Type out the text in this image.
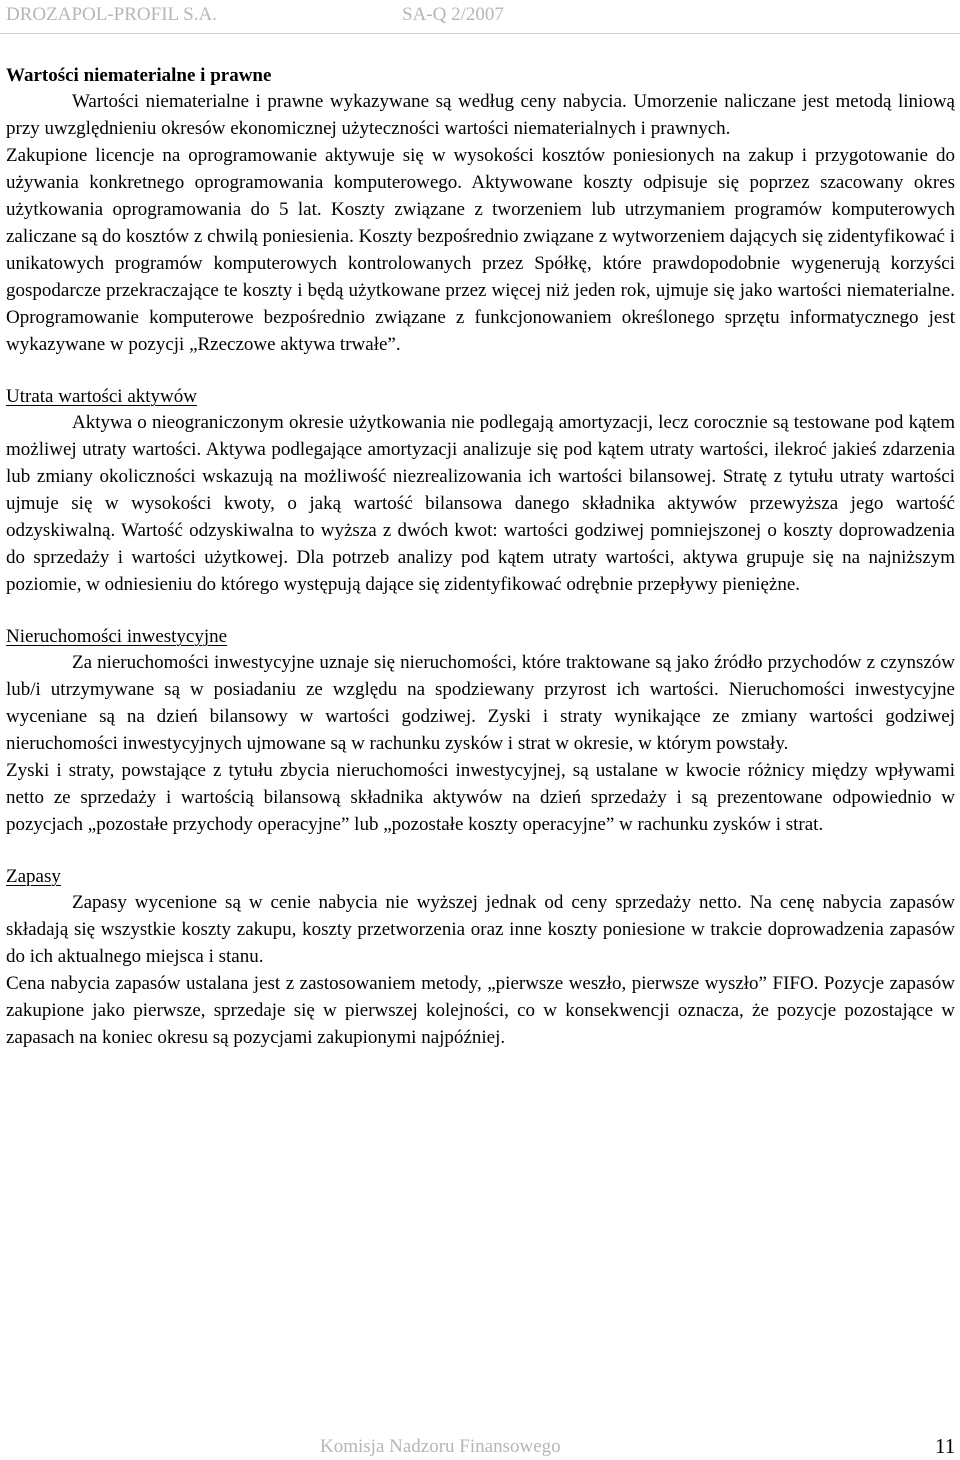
DROZAPOL-PROFIL S.A.	SA-Q 2/2007
Wartości niematerialne i prawne

Wartości niematerialne i prawne wykazywane są według ceny nabycia. Umorzenie naliczane jest metodą liniową przy uwzględnieniu okresów ekonomicznej użyteczności wartości niematerialnych i prawnych.

Zakupione licencje na oprogramowanie aktywuje się w wysokości kosztów poniesionych na zakup i przygotowanie do używania konkretnego oprogramowania komputerowego. Aktywowane koszty odpisuje się poprzez szacowany okres użytkowania oprogramowania do 5 lat. Koszty związane z tworzeniem lub utrzymaniem programów komputerowych zaliczane są do kosztów z chwilą poniesienia. Koszty bezpośrednio związane z wytworzeniem dających się zidentyfikować i unikatowych programów komputerowych kontrolowanych przez Spółkę, które prawdopodobnie wygenerują korzyści gospodarcze przekraczające te koszty i będą użytkowane przez więcej niż jeden rok, ujmuje się jako wartości niematerialne. Oprogramowanie komputerowe bezpośrednio związane z funkcjonowaniem określonego sprzętu informatycznego jest wykazywane w pozycji „Rzeczowe aktywa trwałe”.

Utrata wartości aktywów

Aktywa o nieograniczonym okresie użytkowania nie podlegają amortyzacji, lecz corocznie są testowane pod kątem możliwej utraty wartości. Aktywa podlegające amortyzacji analizuje się pod kątem utraty wartości, ilekroć jakieś zdarzenia lub zmiany okoliczności wskazują na możliwość niezrealizowania ich wartości bilansowej. Stratę z tytułu utraty wartości ujmuje się w wysokości kwoty, o jaką wartość bilansowa danego składnika aktywów przewyższa jego wartość odzyskiwalną. Wartość odzyskiwalna to wyższa z dwóch kwot: wartości godziwej pomniejszonej o koszty doprowadzenia do sprzedaży i wartości użytkowej. Dla potrzeb analizy pod kątem utraty wartości, aktywa grupuje się na najniższym poziomie, w odniesieniu do którego występują dające się zidentyfikować odrębnie przepływy pieniężne.

Nieruchomości inwestycyjne

Za nieruchomości inwestycyjne uznaje się nieruchomości, które traktowane są jako źródło przychodów z czynszów lub/i utrzymywane są w posiadaniu ze względu na spodziewany przyrost ich wartości. Nieruchomości inwestycyjne wyceniane są na dzień bilansowy w wartości godziwej. Zyski i straty wynikające ze zmiany wartości godziwej nieruchomości inwestycyjnych ujmowane są w rachunku zysków i strat w okresie, w którym powstały.

Zyski i straty, powstające z tytułu zbycia nieruchomości inwestycyjnej, są ustalane w kwocie różnicy między wpływami netto ze sprzedaży i wartością bilansową składnika aktywów na dzień sprzedaży i są prezentowane odpowiednio w pozycjach „pozostałe przychody operacyjne” lub „pozostałe koszty operacyjne” w rachunku zysków i strat.

Zapasy

Zapasy wycenione są w cenie nabycia nie wyższej jednak od ceny sprzedaży netto. Na cenę nabycia zapasów składają się wszystkie koszty zakupu, koszty przetworzenia oraz inne koszty poniesione w trakcie doprowadzenia zapasów do ich aktualnego miejsca i stanu.

Cena nabycia zapasów ustalana jest z zastosowaniem metody, „pierwsze weszło, pierwsze wyszło” FIFO. Pozycje zapasów zakupione jako pierwsze, sprzedaje się w pierwszej kolejności, co w konsekwencji oznacza, że pozycje pozostające w zapasach na koniec okresu są pozycjami zakupionymi najpóźniej.

Komisja Nadzoru Finansowego	11
